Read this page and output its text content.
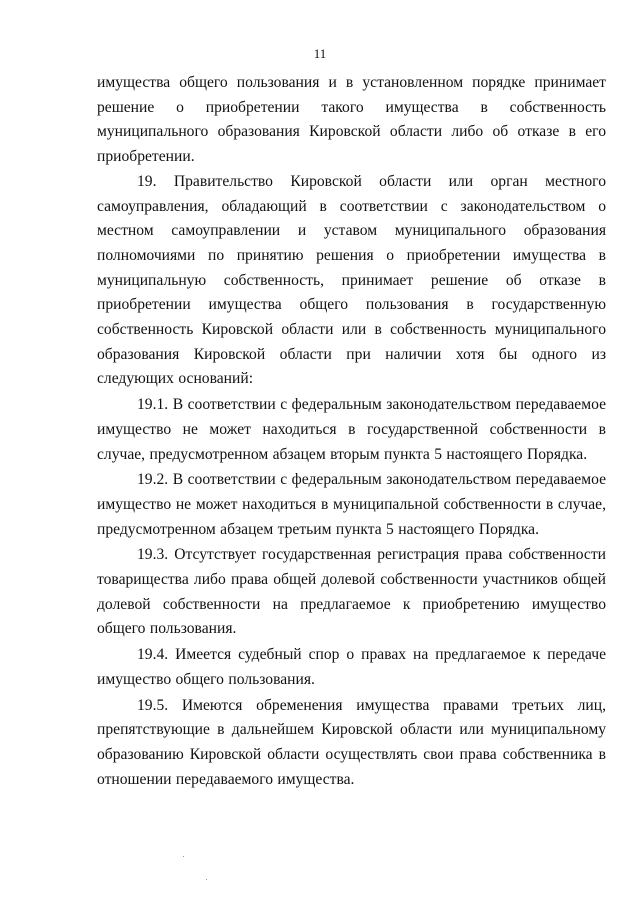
11

имущества общего пользования и в установленном порядке принимает решение о приобретении такого имущества в собственность муниципального образования Кировской области либо об отказе в его приобретении.

19. Правительство Кировской области или орган местного самоуправления, обладающий в соответствии с законодательством о местном самоуправлении и уставом муниципального образования полномочиями по принятию решения о приобретении имущества в муниципальную собственность, принимает решение об отказе в приобретении имущества общего пользования в государственную собственность Кировской области или в собственность муниципального образования Кировской области при наличии хотя бы одного из следующих оснований:

19.1. В соответствии с федеральным законодательством передаваемое имущество не может находиться в государственной собственности в случае, предусмотренном абзацем вторым пункта 5 настоящего Порядка.

19.2. В соответствии с федеральным законодательством передаваемое имущество не может находиться в муниципальной собственности в случае, предусмотренном абзацем третьим пункта 5 настоящего Порядка.

19.3. Отсутствует государственная регистрация права собственности товарищества либо права общей долевой собственности участников общей долевой собственности на предлагаемое к приобретению имущество общего пользования.

19.4. Имеется судебный спор о правах на предлагаемое к передаче имущество общего пользования.

19.5. Имеются обременения имущества правами третьих лиц, препятствующие в дальнейшем Кировской области или муниципальному образованию Кировской области осуществлять свои права собственника в отношении передаваемого имущества.
